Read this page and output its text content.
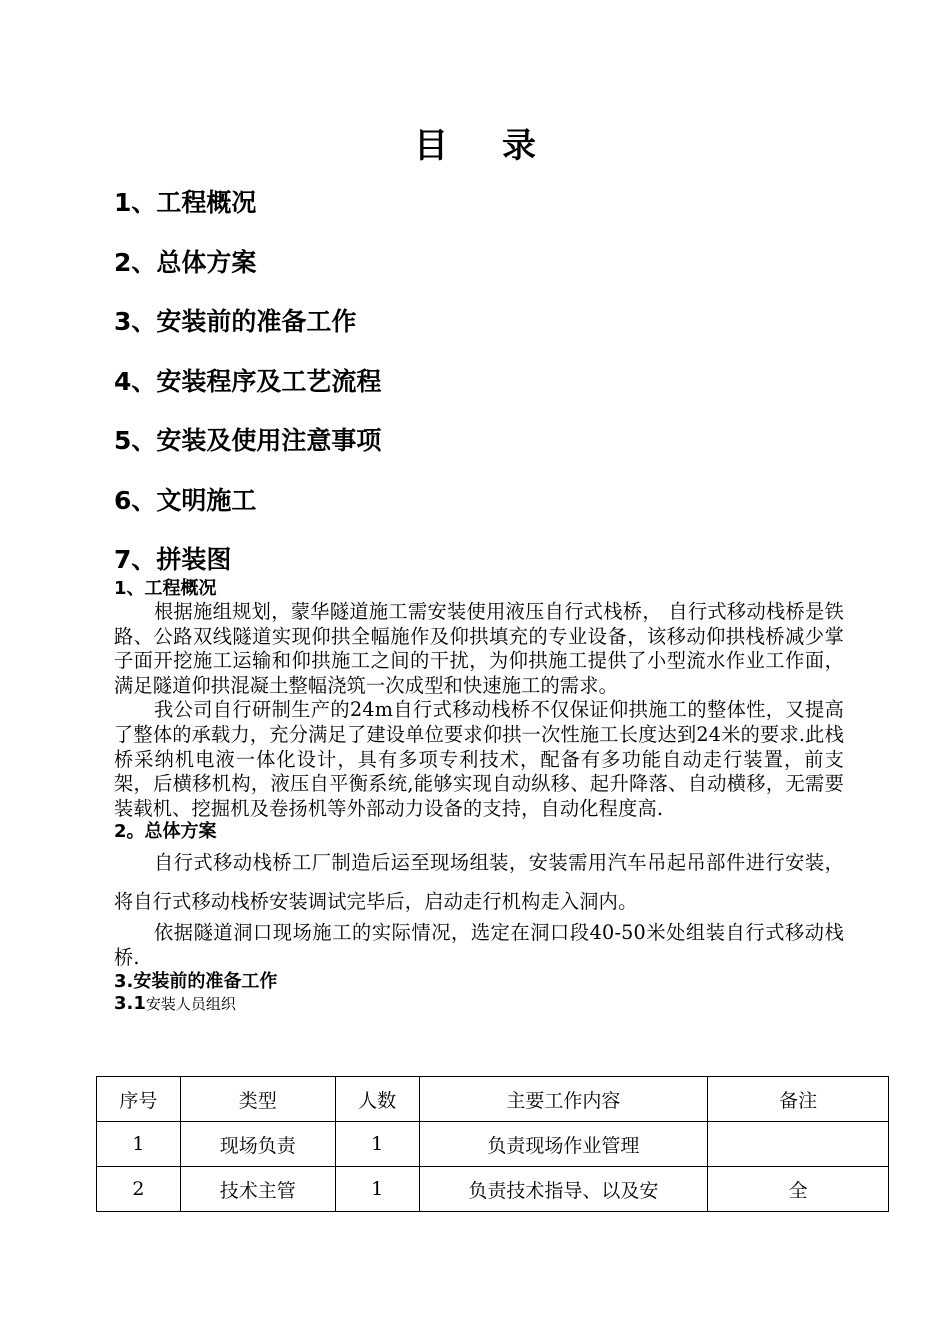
目录
1、工程概况
2、总体方案
3、安装前的准备工作
4、安装程序及工艺流程
5、安装及使用注意事项
6、文明施工
7、拼装图
1、工程概况

根据施组规划，蒙华隧道施工需安装使用液压自行式栈桥， 自行式移动栈桥是铁路、公路双线隧道实现仰拱全幅施作及仰拱填充的专业设备，该移动仰拱栈桥减少掌子面开挖施工运输和仰拱施工之间的干扰，为仰拱施工提供了小型流水作业工作面，满足隧道仰拱混凝土整幅浇筑一次成型和快速施工的需求。

我公司自行研制生产的24m自行式移动栈桥不仅保证仰拱施工的整体性，又提高了整体的承载力，充分满足了建设单位要求仰拱一次性施工长度达到24米的要求.此栈桥采纳机电液一体化设计，具有多项专利技术，配备有多功能自动走行装置，前支架，后横移机构，液压自平衡系统,能够实现自动纵移、起升降落、自动横移，无需要装载机、挖掘机及卷扬机等外部动力设备的支持，自动化程度高.

2。总体方案

自行式移动栈桥工厂制造后运至现场组装，安装需用汽车吊起吊部件进行安装，将自行式移动栈桥安装调试完毕后，启动走行机构走入洞内。

依据隧道洞口现场施工的实际情况，选定在洞口段40-50米处组装自行式移动栈桥.

3.安装前的准备工作
3.1安装人员组织
序号	类型	人数	主要工作内容	备注
1	现场负责	1	负责现场作业管理	
2	技术主管	1	负责技术指导、以及安	全
